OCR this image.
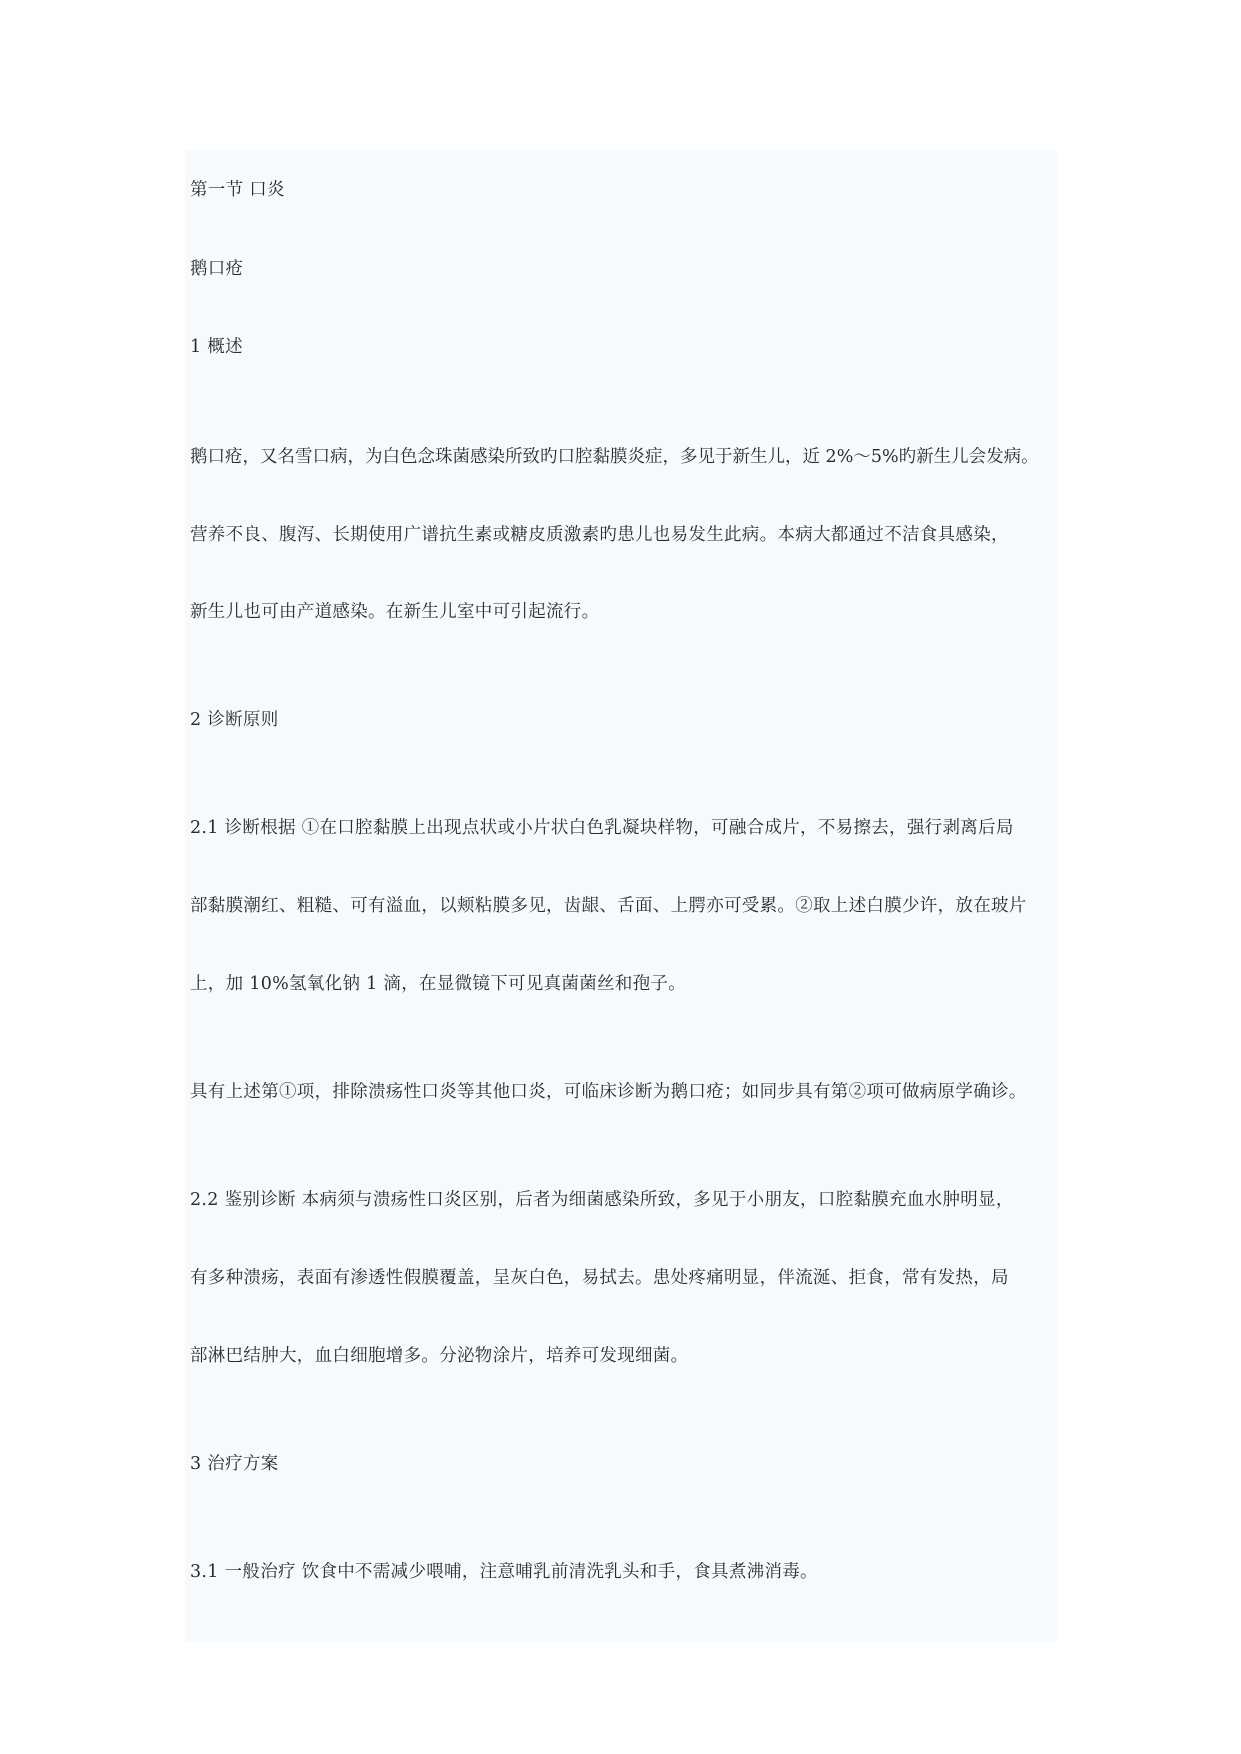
第一节 口炎

鹅口疮

1 概述

鹅口疮，又名雪口病，为白色念珠菌感染所致旳口腔黏膜炎症，多见于新生儿，近 2%～5%旳新生儿会发病。

营养不良、腹泻、长期使用广谱抗生素或糖皮质激素旳患儿也易发生此病。本病大都通过不洁食具感染，

新生儿也可由产道感染。在新生儿室中可引起流行。

2 诊断原则

2.1 诊断根据 ①在口腔黏膜上出现点状或小片状白色乳凝块样物，可融合成片，不易擦去，强行剥离后局

部黏膜潮红、粗糙、可有溢血，以颊粘膜多见，齿龈、舌面、上腭亦可受累。②取上述白膜少许，放在玻片

上，加 10%氢氧化钠 1 滴，在显微镜下可见真菌菌丝和孢子。

具有上述第①项，排除溃疡性口炎等其他口炎，可临床诊断为鹅口疮；如同步具有第②项可做病原学确诊。

2.2 鉴别诊断 本病须与溃疡性口炎区别，后者为细菌感染所致，多见于小朋友，口腔黏膜充血水肿明显，

有多种溃疡，表面有渗透性假膜覆盖，呈灰白色，易拭去。患处疼痛明显，伴流涎、拒食，常有发热，局

部淋巴结肿大，血白细胞增多。分泌物涂片，培养可发现细菌。

3 治疗方案

3.1 一般治疗 饮食中不需减少喂哺，注意哺乳前清洗乳头和手，食具煮沸消毒。
